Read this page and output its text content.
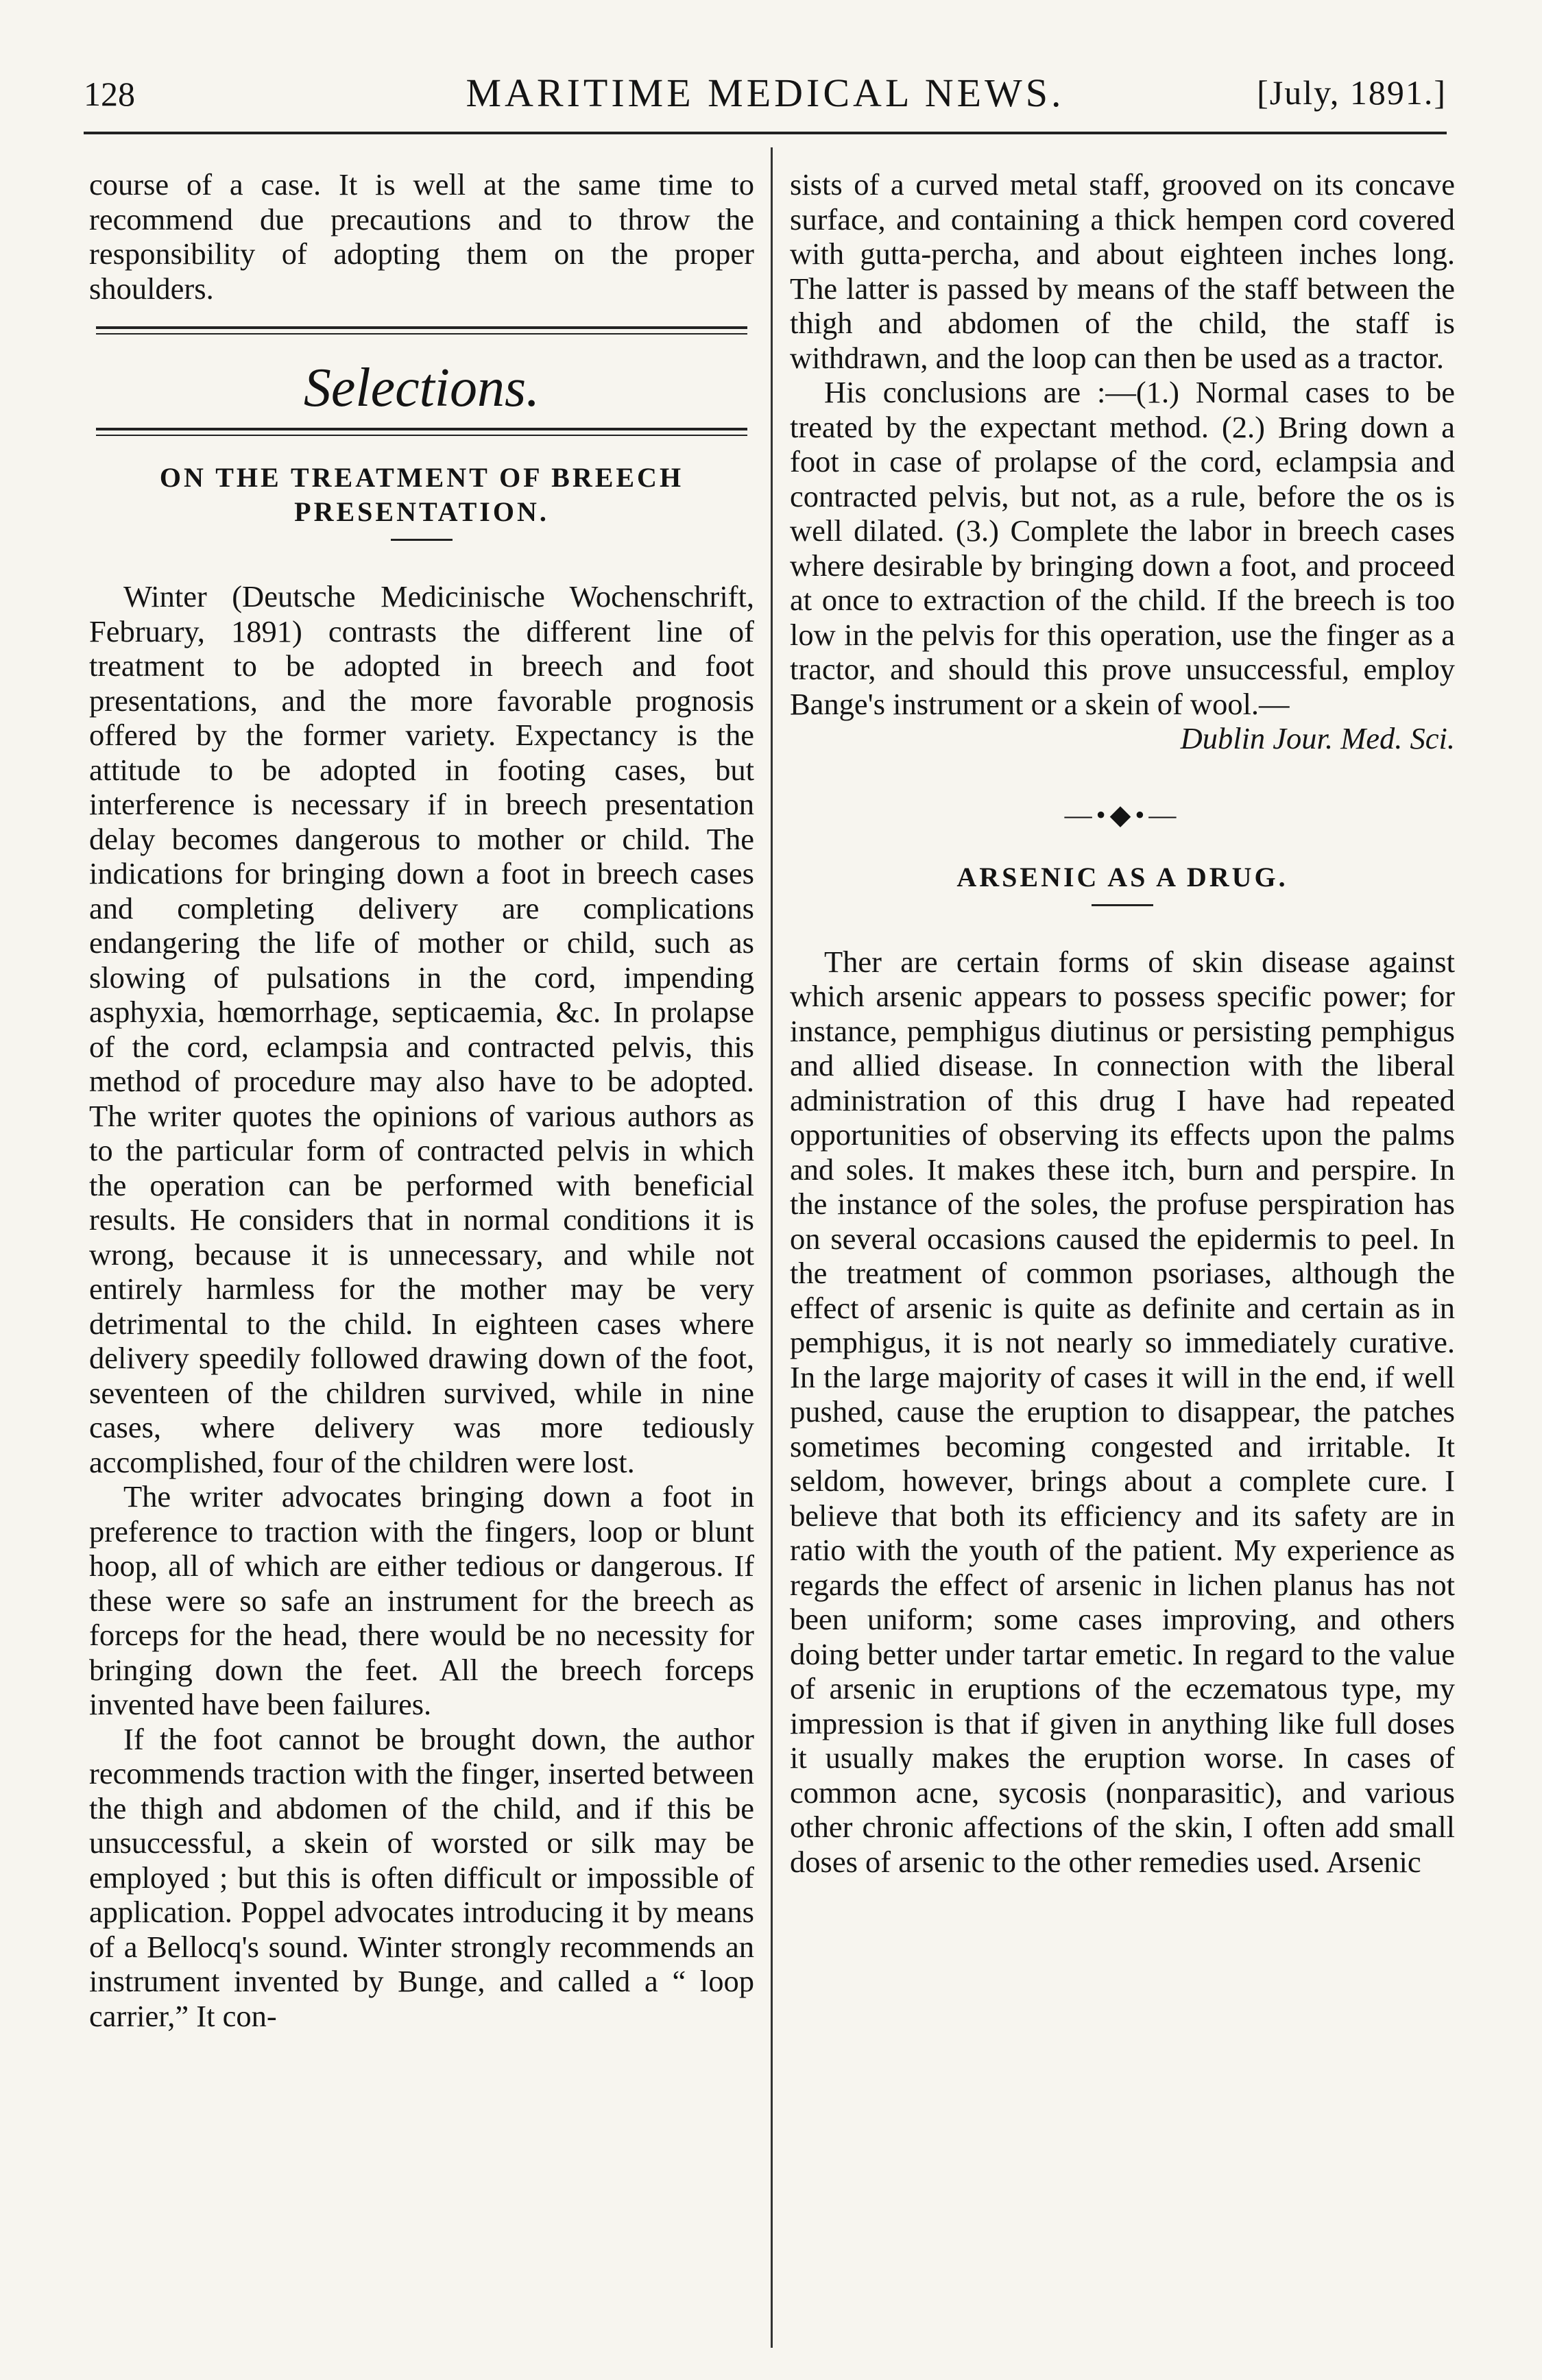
128	MARITIME MEDICAL NEWS.	[July, 1891.]

course of a case. It is well at the same time to recommend due precautions and to throw the responsibility of adopting them on the proper shoulders.

Selections.
ON THE TREATMENT OF BREECH PRESENTATION.

Winter (Deutsche Medicinische Wochenschrift, February, 1891) contrasts the different line of treatment to be adopted in breech and foot presentations, and the more favorable prognosis offered by the former variety. Expectancy is the attitude to be adopted in footing cases, but interference is necessary if in breech presentation delay becomes dangerous to mother or child. The indications for bringing down a foot in breech cases and completing delivery are complications endangering the life of mother or child, such as slowing of pulsations in the cord, impending asphyxia, hœmorrhage, septicaemia, &c. In prolapse of the cord, eclampsia and contracted pelvis, this method of procedure may also have to be adopted. The writer quotes the opinions of various authors as to the particular form of contracted pelvis in which the operation can be performed with beneficial results. He considers that in normal conditions it is wrong, because it is unnecessary, and while not entirely harmless for the mother may be very detrimental to the child. In eighteen cases where delivery speedily followed drawing down of the foot, seventeen of the children survived, while in nine cases, where delivery was more tediously accomplished, four of the children were lost.

The writer advocates bringing down a foot in preference to traction with the fingers, loop or blunt hoop, all of which are either tedious or dangerous. If these were so safe an instrument for the breech as forceps for the head, there would be no necessity for bringing down the feet. All the breech forceps invented have been failures.

If the foot cannot be brought down, the author recommends traction with the finger, inserted between the thigh and abdomen of the child, and if this be unsuccessful, a skein of worsted or silk may be employed ; but this is often difficult or impossible of application. Poppel advocates introducing it by means of a Bellocq's sound. Winter strongly recommends an instrument invented by Bunge, and called a “ loop carrier,” It con-

sists of a curved metal staff, grooved on its concave surface, and containing a thick hempen cord covered with gutta-percha, and about eighteen inches long. The latter is passed by means of the staff between the thigh and abdomen of the child, the staff is withdrawn, and the loop can then be used as a tractor.

His conclusions are :—(1.) Normal cases to be treated by the expectant method. (2.) Bring down a foot in case of prolapse of the cord, eclampsia and contracted pelvis, but not, as a rule, before the os is well dilated. (3.) Complete the labor in breech cases where desirable by bringing down a foot, and proceed at once to extraction of the child. If the breech is too low in the pelvis for this operation, use the finger as a tractor, and should this prove unsuccessful, employ Bange's instrument or a skein of wool.—

Dublin Jour. Med. Sci.

—•◆•—
ARSENIC AS A DRUG.

Ther are certain forms of skin disease against which arsenic appears to possess specific power; for instance, pemphigus diutinus or persisting pemphigus and allied disease. In connection with the liberal administration of this drug I have had repeated opportunities of observing its effects upon the palms and soles. It makes these itch, burn and perspire. In the instance of the soles, the profuse perspiration has on several occasions caused the epidermis to peel. In the treatment of common psoriases, although the effect of arsenic is quite as definite and certain as in pemphigus, it is not nearly so immediately curative. In the large majority of cases it will in the end, if well pushed, cause the eruption to disappear, the patches sometimes becoming congested and irritable. It seldom, however, brings about a complete cure. I believe that both its efficiency and its safety are in ratio with the youth of the patient. My experience as regards the effect of arsenic in lichen planus has not been uniform; some cases improving, and others doing better under tartar emetic. In regard to the value of arsenic in eruptions of the eczematous type, my impression is that if given in anything like full doses it usually makes the eruption worse. In cases of common acne, sycosis (nonparasitic), and various other chronic affections of the skin, I often add small doses of arsenic to the other remedies used. Arsenic
